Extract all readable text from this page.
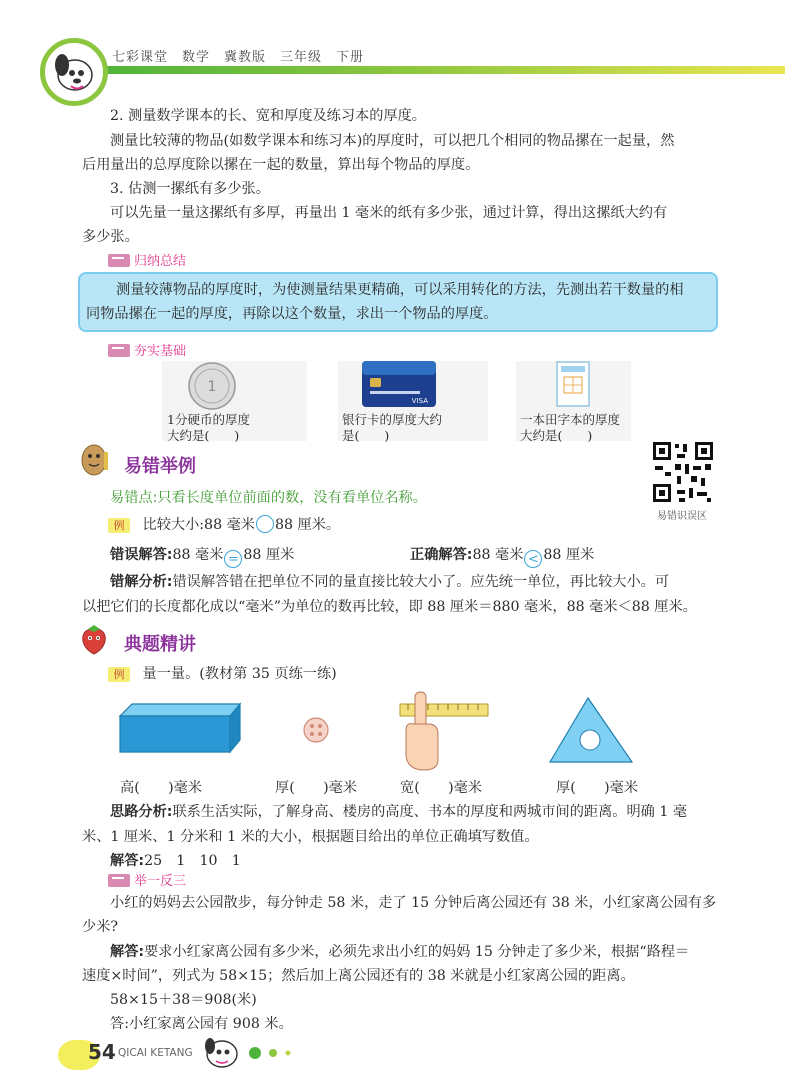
七彩课堂　数学　冀教版　三年级　下册
2. 测量数学课本的长、宽和厚度及练习本的厚度。
测量比较薄的物品(如数学课本和练习本)的厚度时，可以把几个相同的物品摞在一起量，然
后用量出的总厚度除以摞在一起的数量，算出每个物品的厚度。
3. 估测一摞纸有多少张。
可以先量一量这摞纸有多厚，再量出 1 毫米的纸有多少张，通过计算，得出这摞纸大约有
多少张。
归纳总结
测量较薄物品的厚度时，为使测量结果更精确，可以采用转化的方法，先测出若干数量的相
同物品摞在一起的厚度，再除以这个数量，求出一个物品的厚度。
夯实基础
1
1分硬币的厚度
大约是(　　)
VISA
银行卡的厚度大约
是(　　)
一本田字本的厚度
大约是(　　)
易错举例
易错点:只看长度单位前面的数，没有看单位名称。
例 比较大小:88 毫米 88 厘米。
错误解答:88 毫米 = 88 厘米	正确解答:88 毫米 < 88 厘米
错解分析:错误解答错在把单位不同的量直接比较大小了。应先统一单位，再比较大小。可
以把它们的长度都化成以“毫米”为单位的数再比较，即 88 厘米＝880 毫米，88 毫米＜88 厘米。
易错识误区
典题精讲
例 量一量。(教材第 35 页练一练)
高(　　)毫米	厚(　　)毫米	宽(　　)毫米	厚(　　)毫米
思路分析:联系生活实际，了解身高、楼房的高度、书本的厚度和两城市间的距离。明确 1 毫
米、1 厘米、1 分米和 1 米的大小，根据题目给出的单位正确填写数值。
解答:25　1　10　1
举一反三
小红的妈妈去公园散步，每分钟走 58 米，走了 15 分钟后离公园还有 38 米，小红家离公园有多
少米?
解答:要求小红家离公园有多少米，必须先求出小红的妈妈 15 分钟走了多少米，根据“路程＝
速度×时间”，列式为 58×15；然后加上离公园还有的 38 米就是小红家离公园的距离。
58×15＋38＝908(米)
答:小红家离公园有 908 米。
54 QICAI KETANG
